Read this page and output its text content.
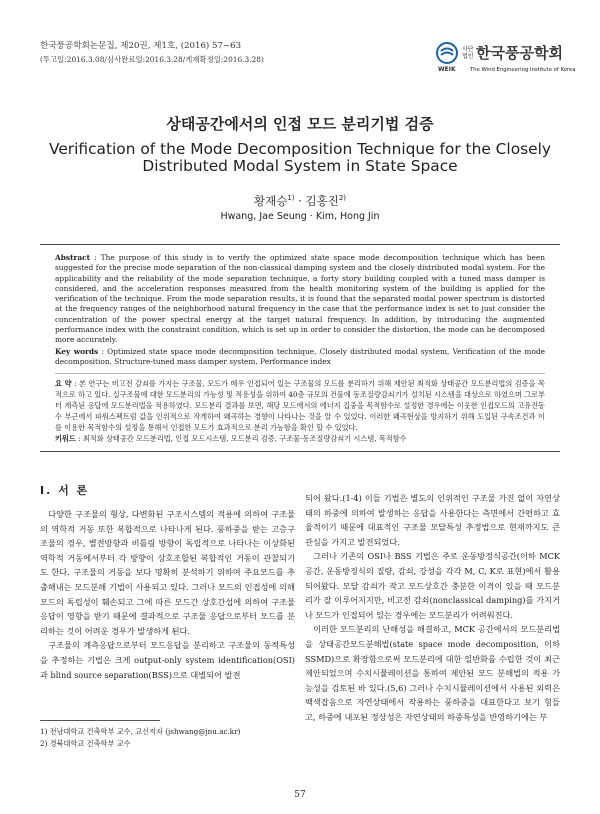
한국풍공학회논문집, 제20권, 제1호, (2016) 57~63
(투고일:2016.3.08/심사완료일:2016.3.28/게재확정일:2016.3.28)
사단 법인 한국풍공학회
WEIK	The Wind Engineering Institute of Korea
상태공간에서의 인접 모드 분리기법 검증
Verification of the Mode Decomposition Technique for the Closely Distributed Modal System in State Space
황재승$^{1)}$ · 김홍진$^{2)}$
Hwang, Jae Seung · Kim, Hong Jin
Abstract : The purpose of this study is to verify the optimized state space mode decomposition technique which has been suggested for the precise mode separation of the non-classical damping system and the closely distributed modal system. For the applicability and the reliability of the mode separation technique, a forty story building coupled with a tuned mass damper is considered, and the acceleration responses measured from the health monitoring system of the building is applied for the verification of the technique. From the mode separation results, it is found that the separated modal power spectrum is distorted at the frequency ranges of the neighborhood natural frequency in the case that the performance index is set to just consider the concentration of the power spectral energy at the target natural frequency. In addition, by introducing the augmented performance index with the constraint condition, which is set up in order to consider the distortion, the mode can be decomposed more accurately.
Key words : Optimized state space mode decomposition technique, Closely distributed modal system, Verification of the mode decomposition, Structure-tuned mass damper system, Performance index
요 약 : 본 연구는 비고전 감쇠를 가지는 구조물, 모드가 매우 인접되어 있는 구조물의 모드를 분리하기 위해 제안된 최적화 상태공간 모드분리법의 검증을 목적으로 하고 있다. 실구조물에 대한 모드분리의 가능성 및 적용성을 위하여 40층 규모의 건물에 동조질량감쇠기가 설치된 시스템을 대상으로 하였으며 그로부터 계측된 응답에 모드분리법을 적용하였다. 모드분리 결과를 보면, 해당 모드에서의 에너지 집중을 목적함수로 설정한 경우에는 이웃한 인접모드의 고유진동수 부근에서 파워스펙트럼 값을 인위적으로 작게하여 왜곡하는 경향이 나타나는 것을 알 수 있었다. 이러한 왜곡현상을 방지하기 위해 도입된 구속조건과 이를 이용한 목적함수의 설정을 통해서 인접한 모드가 효과적으로 분리 가능함을 확인 할 수 있었다.
키워드 : 최적화 상태공간 모드분리법, 인접 모드시스템, 모드분리 검증, 구조물-동조질량감쇠기 시스템, 목적함수
I. 서 론

다양한 구조물의 형상, 다변화된 구조시스템의 적용에 의하여 구조물의 역학적 거동 또한 복합적으로 나타나게 된다. 풍하중을 받는 고층구조물의 경우, 별전방향과 비틀림 방향이 독립적으로 나타나는 이상화된 역학적 거동에서부터 각 방향이 상호조합된 복합적인 거동이 관찰되기도 한다. 구조물의 거동을 보다 명확히 분석하기 위하여 주요모드를 추출해내는 모드분해 기법이 사용되고 있다. 그러나 모드의 인접성에 의해 모드의 독립성이 훼손되고 그에 따른 모드간 상호간섭에 의하여 구조물 응답이 영향을 받기 때문에 결과적으로 구조물 응답으로부터 모드를 분리하는 것이 어려운 경우가 발생하게 된다.

구조물의 계측응답으로부터 모드응답을 분리하고 구조물의 동적특성을 추정하는 기법은 크게 output-only system identification(OSI)과 blind source separation(BSS)으로 대별되어 발전

되어 왔다.(1-4) 이들 기법은 별도의 인위적인 구조물 가진 없이 자연상태의 하중에 의하여 발생하는 응답을 사용한다는 측면에서 간편하고 효율적이기 때문에 대표적인 구조물 모달특성 추정법으로 현재까지도 큰 관심을 가지고 발전되었다.

그러나 기존의 OSI나 BSS 기법은 주로 운동방정식공간(이하 MCK 공간, 운동방정식의 질량, 감쇠, 강성을 각각 M, C, K로 표현)에서 활용되어왔다. 모달 감쇠가 작고 모드상호간 충분한 이격이 있을 때 모드분리가 잘 이루어지지만, 비고전 감쇠(nonclassical damping)를 가지거나 모드가 인접되어 있는 경우에는 모드분리가 어려워진다.

이러한 모드분리의 난해성을 해결하고, MCK 공간에서의 모드분리법을 상태공간모드분해법(state space mode decomposition, 이하 SSMD)으로 확장함으로써 모드분리에 대한 일반화를 수립한 것이 최근 제안되었으며 수치시뮬레이션을 통하여 제안된 모드 분해법의 적용 가능성을 검토된 바 있다.(5,6) 그러나 수치시뮬레이션에서 사용된 외력은 백색잡음으로 자연상태에서 작용하는 풍하중을 대표한다고 보기 힘들고, 하중에 내포된 정상성은 자연상태의 하중특성을 반영하기에는 부

1) 전남대학교 건축학부 교수, 교신저자 (jshwang@jnu.ac.kr)
2) 경북대학교 건축학부 교수
57
